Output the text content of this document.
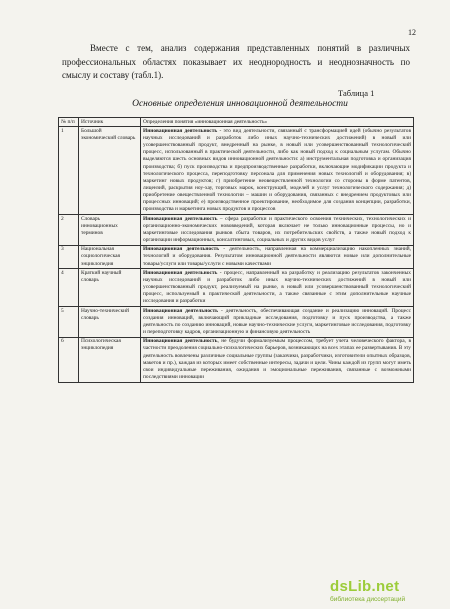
12

Вместе с тем, анализ содержания представленных понятий в различных профессиональных областях показывает их неоднородность и неоднозначность по смыслу и составу (табл.1).

Таблица 1
Основные определения инновационной деятельности
№ п/п	Источник	Определения понятия «инновационная деятельность»
1	Большой экономический словарь	Инновационная деятельность - это вид деятельности, связанный с трансформацией идей (обычно результатов научных исследований и разработок либо иных научно-технических достижений) в новый или усовершенствованный продукт, внедренный на рынке, в новый или усовершенствованный технологический процесс, использованный в практической деятельности, либо как новый подход к социальным услугам. Обычно выделяются шесть основных видов инновационной деятельности: а) инструментальная подготовка и организация производства; б) пуск производства и предпроизводственные разработки, включающие модификации продукта и технологического процесса, переподготовку персонала для применения новых технологий и оборудования; в) маркетинг новых продуктов; г) приобретение неовеществленной технологии со стороны в форме патентов, лицензий, раскрытия ноу-хау, торговых марок, конструкций, моделей и услуг технологического содержания; д) приобретение овеществленной технологии – машин и оборудования, связанных с внедрением продуктовых или процессных инноваций; е) производственное проектирование, необходимое для создания концепции, разработки, производства и маркетинга новых продуктов и процессов
2	Словарь инновационных терминов	Инновационная деятельность – сфера разработки и практического освоения технических, технологических и организационно-экономических нововведений, которая включает не только инновационные процессы, но и маркетинговые исследования рынков сбыта товаров, их потребительских свойств, а также новый подход к организации информационных, консалтинговых, социальных и других видов услуг
3	Национальная социологическая энциклопедия	Инновационная деятельность - деятельность, направленная на коммерциализацию накопленных знаний, технологий и оборудования. Результатом инновационной деятельности являются новые или дополнительные товары/услуги или товары/услуги с новыми качествами
4	Краткий научный словарь	Инновационная деятельность - процесс, направленный на разработку и реализацию результатов законченных научных исследований и разработок либо иных научно-технических достижений в новый или усовершенствованный продукт, реализуемый на рынке, в новый или усовершенствованный технологический процесс, используемый в практической деятельности, а также связанные с этим дополнительные научные исследования и разработки
5	Научно-технический словарь	Инновационная деятельность - деятельность, обеспечивающая создание и реализацию инноваций. Процесс создания инноваций, включающий прикладные исследования, подготовку и пуск производства, а также деятельность по созданию инноваций, новые научно-технические услуги, маркетинговые исследования, подготовку и переподготовку кадров, организационную и финансовую деятельность
6	Психологическая энциклопедия	Инновационная деятельность, не будучи формализуемым процессом, требует учета человеческого фактора, в частности преодоления социально-психологических барьеров, возникающих на всех этапах ее развертывания. В эту деятельность вовлечены различные социальные группы (заказчики, разработчики, изготовители опытных образцов, макетов и пр.), каждая из которых имеет собственные интересы, задачи и цели. Чины каждой из групп могут иметь свои индивидуальные переживания, ожидания и эмоциональные переживания, связанные с возможными последствиями инновации
dsLib.net
библиотека диссертаций
